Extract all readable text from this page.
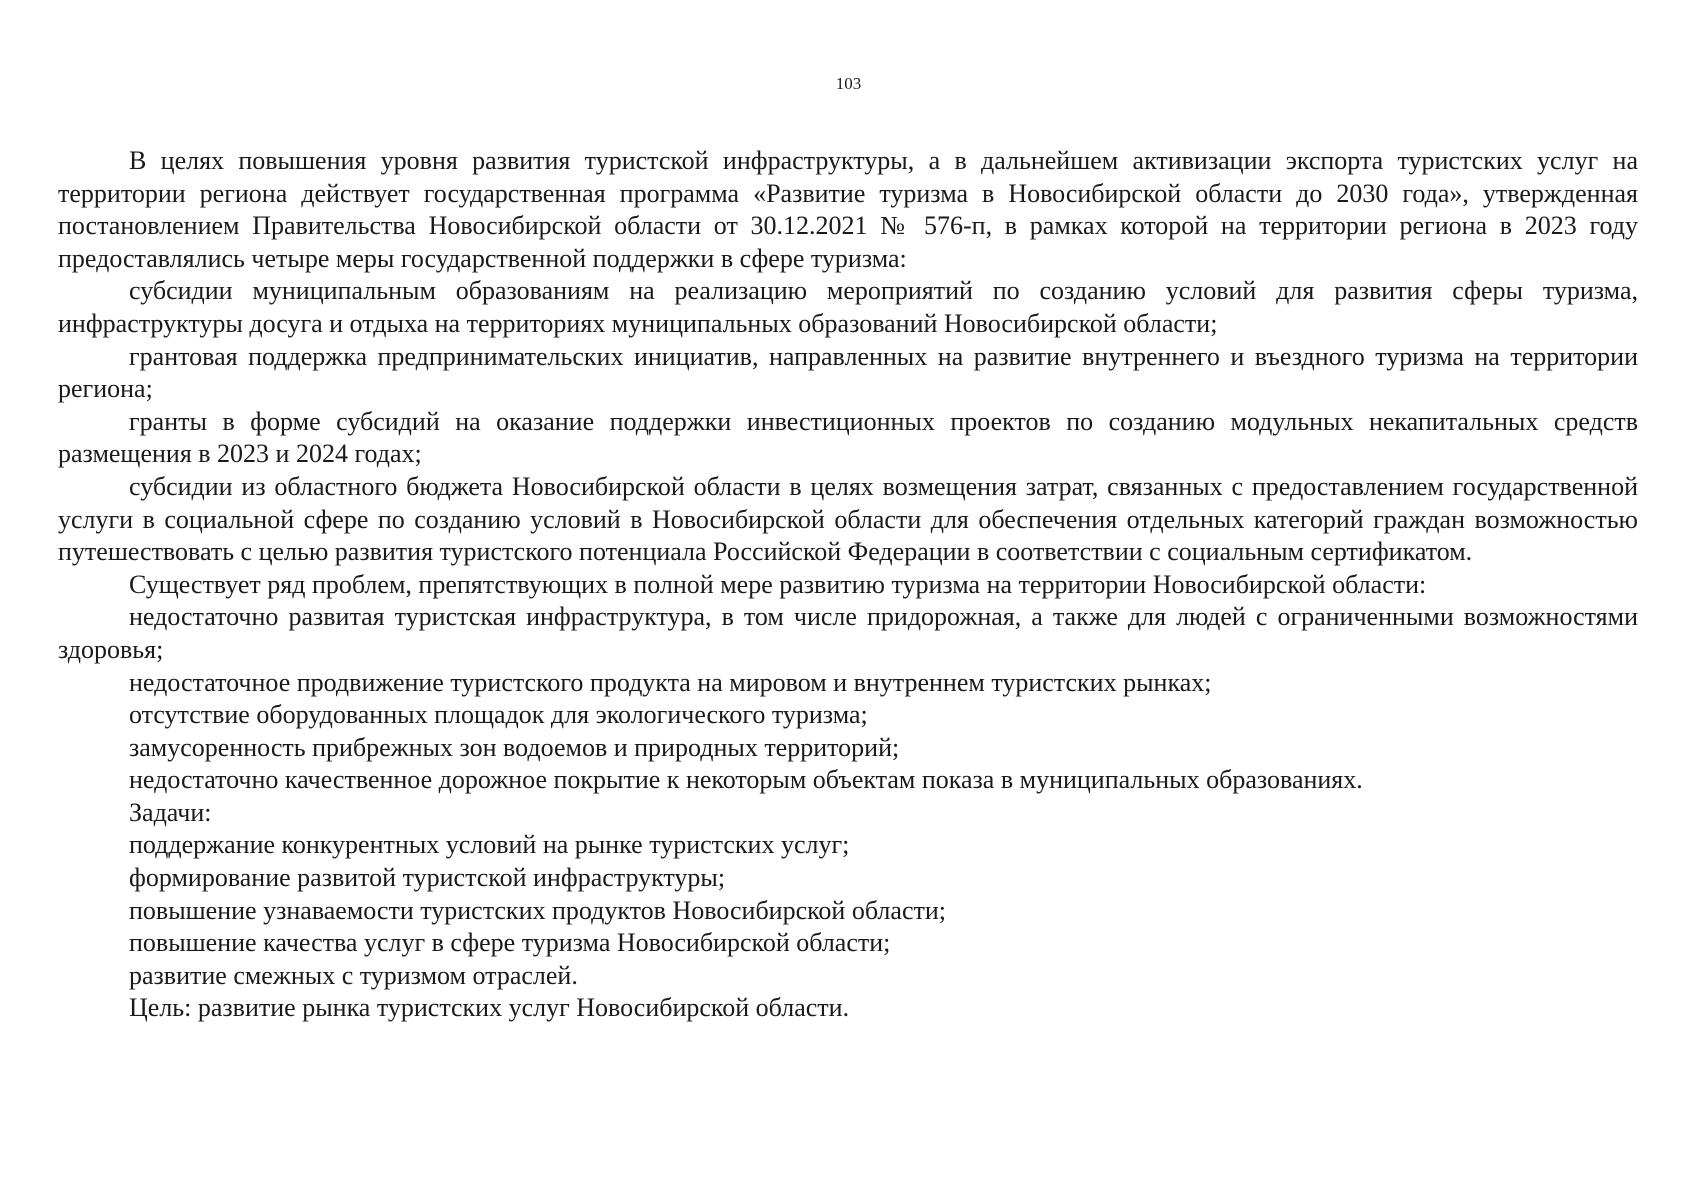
103

В целях повышения уровня развития туристской инфраструктуры, а в дальнейшем активизации экспорта туристских услуг на территории региона действует государственная программа «Развитие туризма в Новосибирской области до 2030 года», утвержденная постановлением Правительства Новосибирской области от 30.12.2021 № 576-п, в рамках которой на территории региона в 2023 году предоставлялись четыре меры государственной поддержки в сфере туризма:

субсидии муниципальным образованиям на реализацию мероприятий по созданию условий для развития сферы туризма, инфраструктуры досуга и отдыха на территориях муниципальных образований Новосибирской области;

грантовая поддержка предпринимательских инициатив, направленных на развитие внутреннего и въездного туризма на территории региона;

гранты в форме субсидий на оказание поддержки инвестиционных проектов по созданию модульных некапитальных средств размещения в 2023 и 2024 годах;

субсидии из областного бюджета Новосибирской области в целях возмещения затрат, связанных с предоставлением государственной услуги в социальной сфере по созданию условий в Новосибирской области для обеспечения отдельных категорий граждан возможностью путешествовать с целью развития туристского потенциала Российской Федерации в соответствии с социальным сертификатом.

Существует ряд проблем, препятствующих в полной мере развитию туризма на территории Новосибирской области:

недостаточно развитая туристская инфраструктура, в том числе придорожная, а также для людей с ограниченными возможностями здоровья;

недостаточное продвижение туристского продукта на мировом и внутреннем туристских рынках;

отсутствие оборудованных площадок для экологического туризма;

замусоренность прибрежных зон водоемов и природных территорий;

недостаточно качественное дорожное покрытие к некоторым объектам показа в муниципальных образованиях.

Задачи:

поддержание конкурентных условий на рынке туристских услуг;

формирование развитой туристской инфраструктуры;

повышение узнаваемости туристских продуктов Новосибирской области;

повышение качества услуг в сфере туризма Новосибирской области;

развитие смежных с туризмом отраслей.

Цель: развитие рынка туристских услуг Новосибирской области.
